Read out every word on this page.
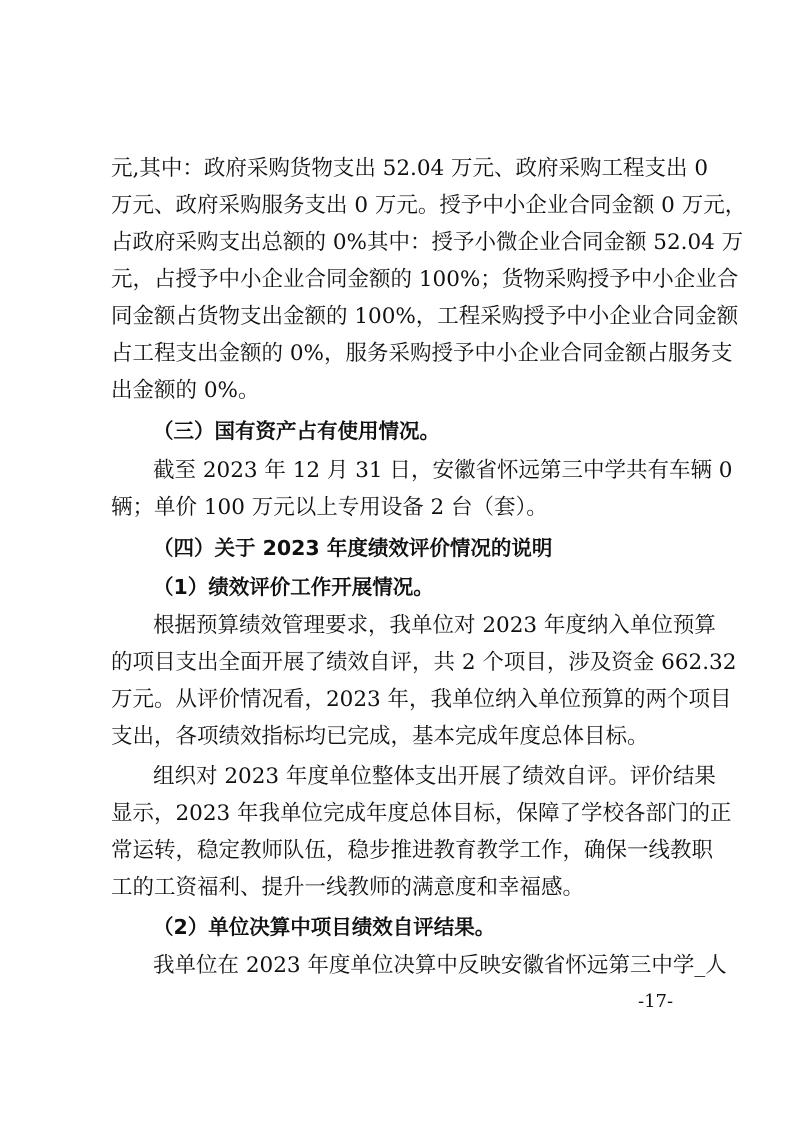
元,其中：政府采购货物支出 52.04 万元、政府采购工程支出 0
万元、政府采购服务支出 0 万元。授予中小企业合同金额 0 万元，
占政府采购支出总额的 0%其中：授予小微企业合同金额 52.04 万
元，占授予中小企业合同金额的 100%；货物采购授予中小企业合
同金额占货物支出金额的 100%，工程采购授予中小企业合同金额
占工程支出金额的 0%，服务采购授予中小企业合同金额占服务支
出金额的 0%。
（三）国有资产占有使用情况。
截至 2023 年 12 月 31 日，安徽省怀远第三中学共有车辆 0
辆；单价 100 万元以上专用设备 2 台（套）。
（四）关于 2023 年度绩效评价情况的说明
（1）绩效评价工作开展情况。
根据预算绩效管理要求，我单位对 2023 年度纳入单位预算
的项目支出全面开展了绩效自评，共 2 个项目，涉及资金 662.32
万元。从评价情况看，2023 年，我单位纳入单位预算的两个项目
支出，各项绩效指标均已完成，基本完成年度总体目标。
组织对 2023 年度单位整体支出开展了绩效自评。评价结果
显示，2023 年我单位完成年度总体目标，保障了学校各部门的正
常运转，稳定教师队伍，稳步推进教育教学工作，确保一线教职
工的工资福利、提升一线教师的满意度和幸福感。
（2）单位决算中项目绩效自评结果。
我单位在 2023 年度单位决算中反映安徽省怀远第三中学_人
-17-
